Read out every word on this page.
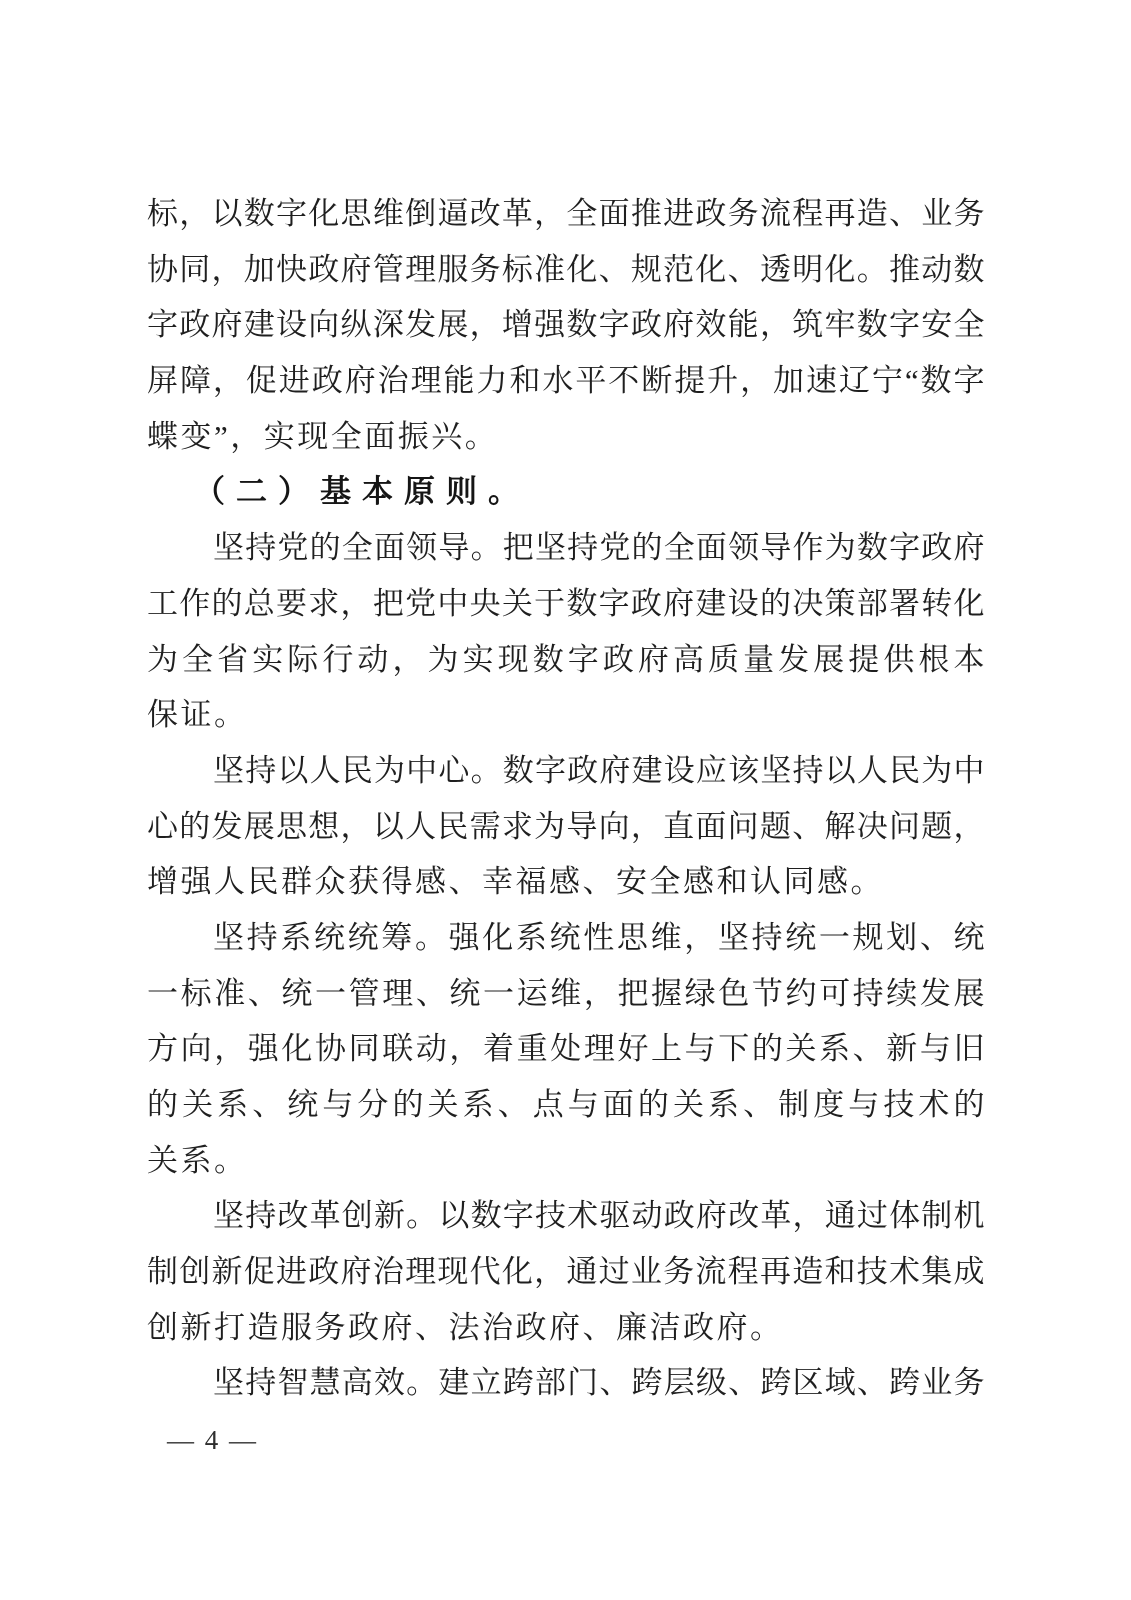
标，以数字化思维倒逼改革，全面推进政务流程再造、业务
协同，加快政府管理服务标准化、规范化、透明化。推动数
字政府建设向纵深发展，增强数字政府效能，筑牢数字安全
屏障，促进政府治理能力和水平不断提升，加速辽宁“数字
蝶变”，实现全面振兴。
（二）基本原则。
坚持党的全面领导。把坚持党的全面领导作为数字政府
工作的总要求，把党中央关于数字政府建设的决策部署转化
为全省实际行动，为实现数字政府高质量发展提供根本
保证。
坚持以人民为中心。数字政府建设应该坚持以人民为中
心的发展思想，以人民需求为导向，直面问题、解决问题，
增强人民群众获得感、幸福感、安全感和认同感。
坚持系统统筹。强化系统性思维，坚持统一规划、统
一标准、统一管理、统一运维，把握绿色节约可持续发展
方向，强化协同联动，着重处理好上与下的关系、新与旧
的关系、统与分的关系、点与面的关系、制度与技术的
关系。
坚持改革创新。以数字技术驱动政府改革，通过体制机
制创新促进政府治理现代化，通过业务流程再造和技术集成
创新打造服务政府、法治政府、廉洁政府。
坚持智慧高效。建立跨部门、跨层级、跨区域、跨业务
— 4 —
